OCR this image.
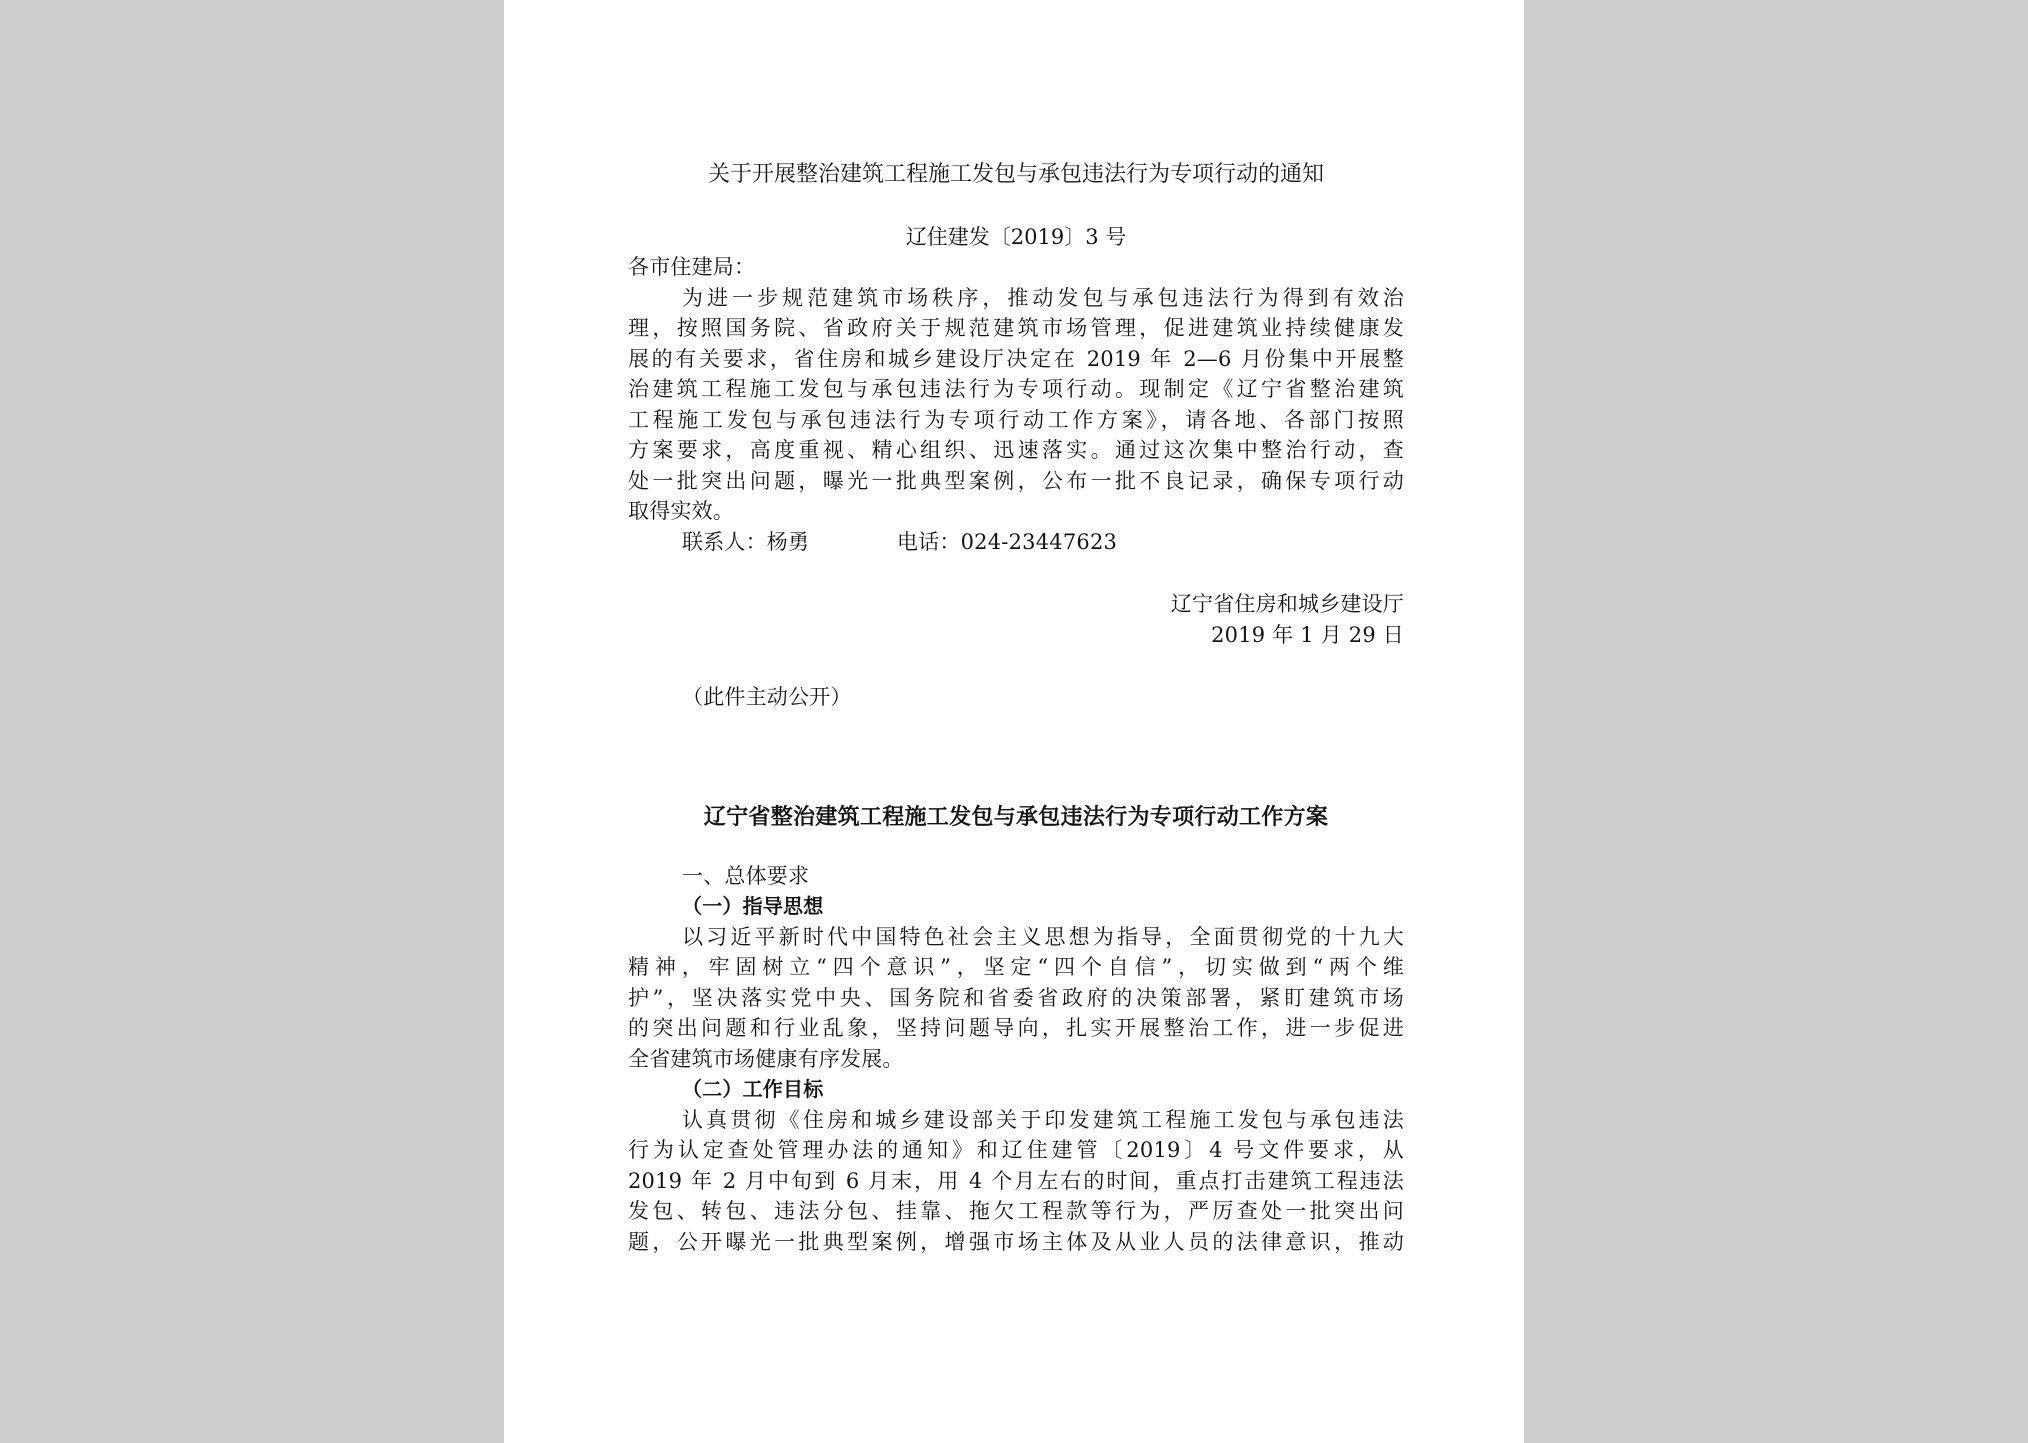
关于开展整治建筑工程施工发包与承包违法行为专项行动的通知
辽住建发〔2019〕3 号
各市住建局：
为进一步规范建筑市场秩序，推动发包与承包违法行为得到有效治
理，按照国务院、省政府关于规范建筑市场管理，促进建筑业持续健康发
展的有关要求，省住房和城乡建设厅决定在 2019 年 2—6 月份集中开展整
治建筑工程施工发包与承包违法行为专项行动。现制定《辽宁省整治建筑
工程施工发包与承包违法行为专项行动工作方案》，请各地、各部门按照
方案要求，高度重视、精心组织、迅速落实。通过这次集中整治行动，查
处一批突出问题，曝光一批典型案例，公布一批不良记录，确保专项行动
取得实效。
联系人：杨勇	电话：024-23447623
辽宁省住房和城乡建设厅
2019 年 1 月 29 日
（此件主动公开）
辽宁省整治建筑工程施工发包与承包违法行为专项行动工作方案
一、总体要求
（一）指导思想
以习近平新时代中国特色社会主义思想为指导，全面贯彻党的十九大
精神，牢固树立“四个意识”，坚定“四个自信”，切实做到“两个维
护”，坚决落实党中央、国务院和省委省政府的决策部署，紧盯建筑市场
的突出问题和行业乱象，坚持问题导向，扎实开展整治工作，进一步促进
全省建筑市场健康有序发展。
（二）工作目标
认真贯彻《住房和城乡建设部关于印发建筑工程施工发包与承包违法
行为认定查处管理办法的通知》和辽住建管〔2019〕4 号文件要求，从
2019 年 2 月中旬到 6 月末，用 4 个月左右的时间，重点打击建筑工程违法
发包、转包、违法分包、挂靠、拖欠工程款等行为，严厉查处一批突出问
题，公开曝光一批典型案例，增强市场主体及从业人员的法律意识，推动
